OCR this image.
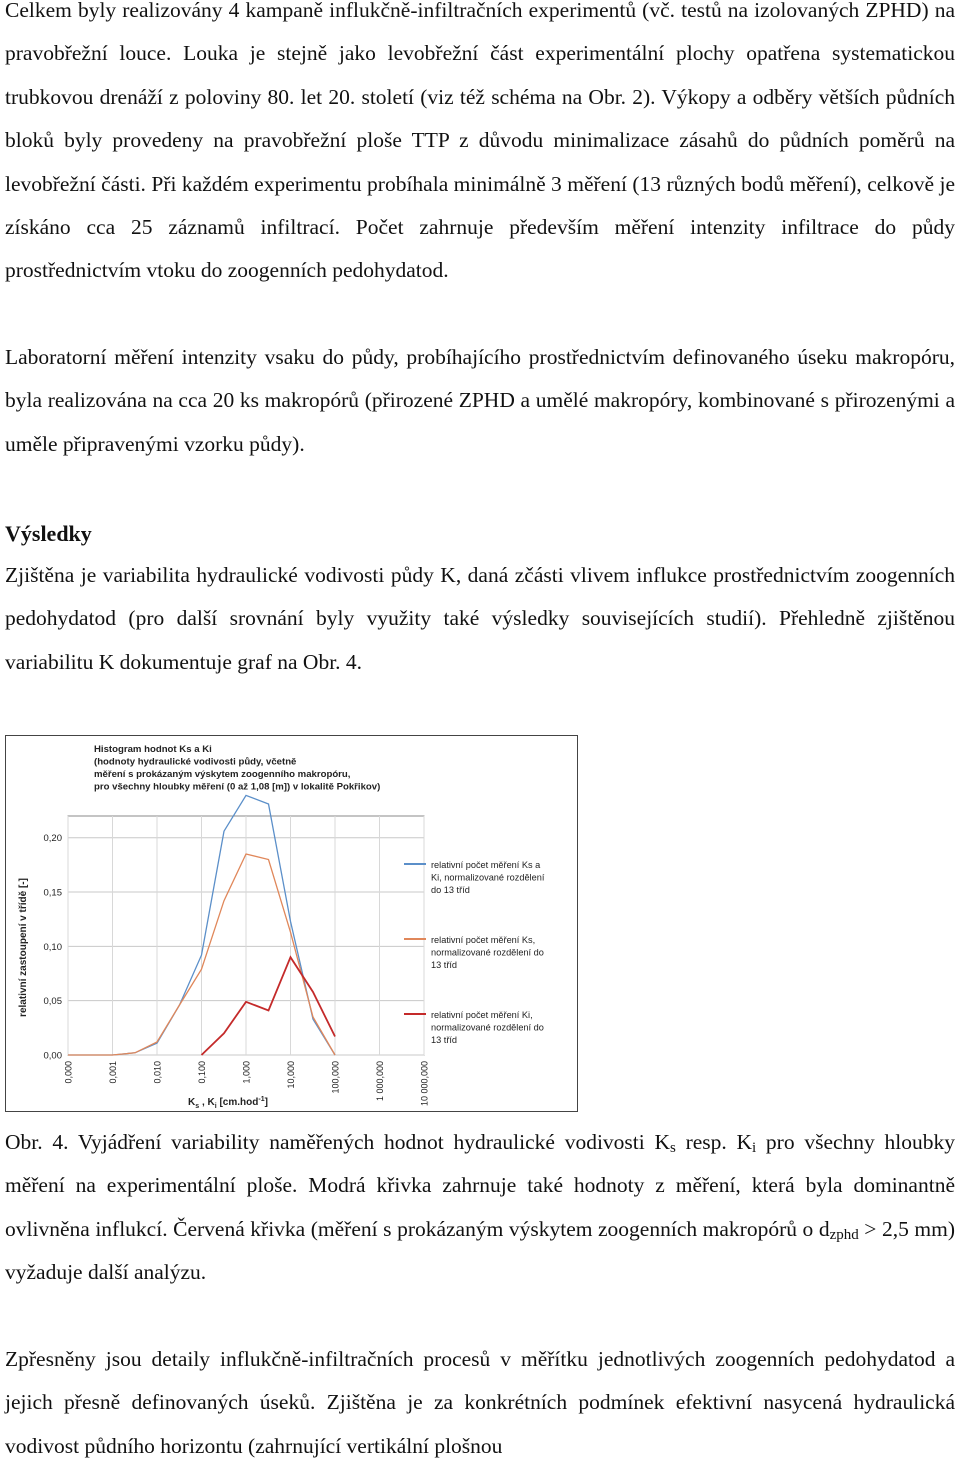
Celkem byly realizovány 4 kampaně influkčně-infiltračních experimentů (vč. testů na izolovaných ZPHD) na pravobřežní louce. Louka je stejně jako levobřežní část experimentální plochy opatřena systematickou trubkovou drenáží z poloviny 80. let 20. století (viz též schéma na Obr. 2). Výkopy a odběry větších půdních bloků byly provedeny na pravobřežní ploše TTP z důvodu minimalizace zásahů do půdních poměrů na levobřežní části. Při každém experimentu probíhala minimálně 3 měření (13 různých bodů měření), celkově je získáno cca 25 záznamů infiltrací. Počet zahrnuje především měření intenzity infiltrace do půdy prostřednictvím vtoku do zoogenních pedohydatod.

Laboratorní měření intenzity vsaku do půdy, probíhajícího prostřednictvím definovaného úseku makropóru, byla realizována na cca 20 ks makropórů (přirozené ZPHD a umělé makropóry, kombinované s přirozenými a uměle připravenými vzorku půdy).

Výsledky

Zjištěna je variabilita hydraulické vodivosti půdy K, daná zčásti vlivem influkce prostřednictvím zoogenních pedohydatod (pro další srovnání byly využity také výsledky souvisejících studií). Přehledně zjištěnou variabilitu K dokumentuje graf na Obr. 4.

Histogram hodnot Ks a Ki
(hodnoty hydraulické vodivosti půdy, včetně
měření s prokázaným výskytem zoogenního makropóru,
pro všechny hloubky měření (0 až 1,08 [m]) v lokalitě Pokřikov)
0,00
0,05
0,10
0,15
0,20
0,000	0,001	0,010	0,100	1,000	10,000	100,000	1 000,000	10 000,000
relativní zastoupení v třídě [-]
$K_s$ , $K_i$ [cm.hod$^{-1}$]
relativní počet měření Ks a
Ki, normalizované rozdělení
do 13 tříd
relativní počet měření Ks,
normalizované rozdělení do
13 tříd
relativní počet měření Ki,
normalizované rozdělení do
13 tříd

Obr. 4. Vyjádření variability naměřených hodnot hydraulické vodivosti $K_s$ resp. $K_i$ pro všechny hloubky měření na experimentální ploše. Modrá křivka zahrnuje také hodnoty z měření, která byla dominantně ovlivněna influkcí. Červená křivka (měření s prokázaným výskytem zoogenních makropórů o $d_{zphd} > 2,5$ mm) vyžaduje další analýzu.

Zpřesněny jsou detaily influkčně-infiltračních procesů v měřítku jednotlivých zoogenních pedohydatod a jejich přesně definovaných úseků. Zjištěna je za konkrétních podmínek efektivní nasycená hydraulická vodivost půdního horizontu (zahrnující vertikální plošnou
